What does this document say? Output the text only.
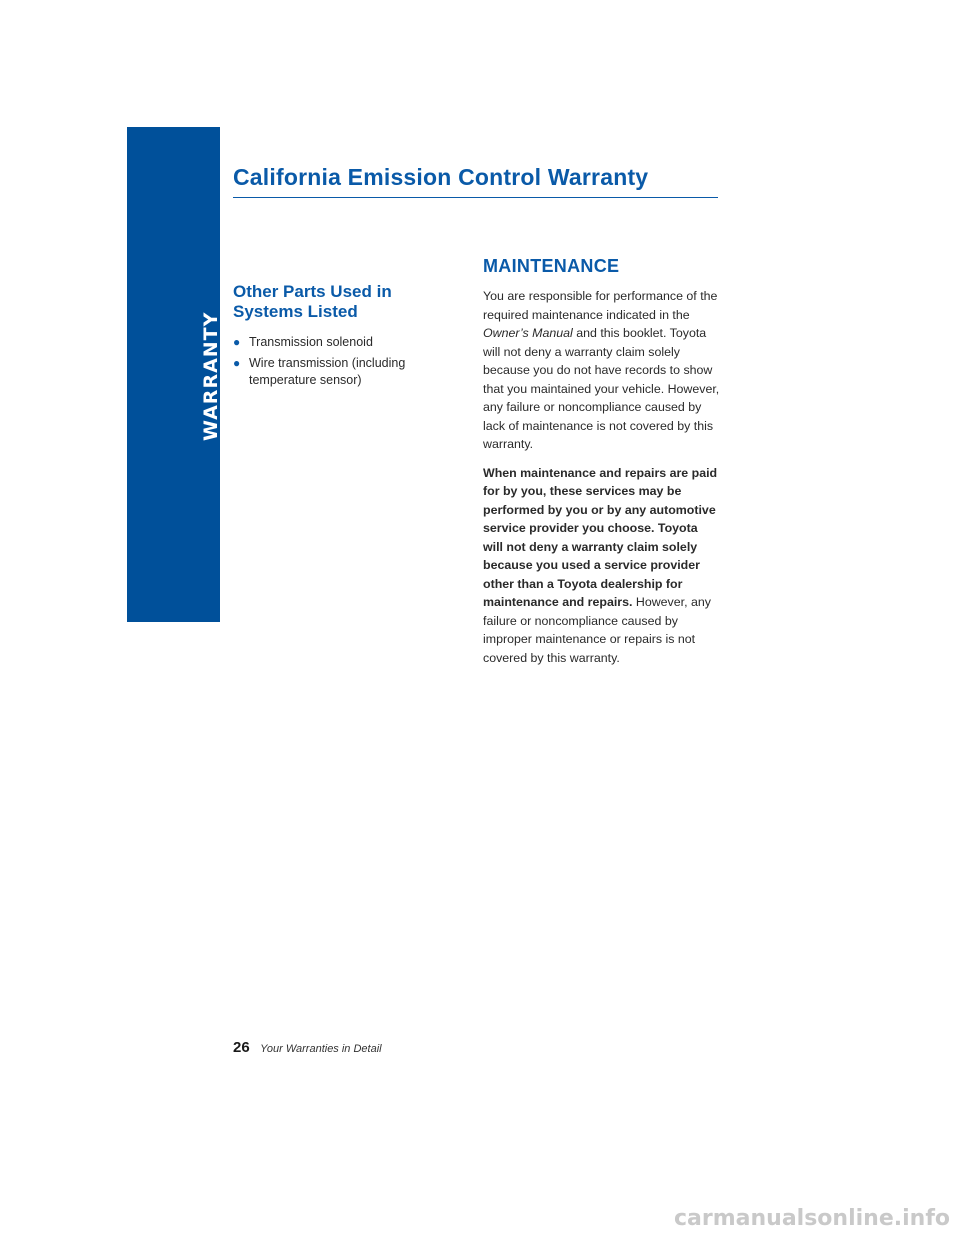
WARRANTY
California Emission Control Warranty
Other Parts Used in Systems Listed
● Transmission solenoid
● Wire transmission (including temperature sensor)
MAINTENANCE

You are responsible for performance of the required maintenance indicated in the Owner’s Manual and this booklet. Toyota will not deny a warranty claim solely because you do not have records to show that you maintained your vehicle. However, any failure or noncompliance caused by lack of maintenance is not covered by this warranty.

When maintenance and repairs are paid for by you, these services may be performed by you or by any automotive service provider you choose. Toyota will not deny a warranty claim solely because you used a service provider other than a Toyota dealership for maintenance and repairs. However, any failure or noncompliance caused by improper maintenance or repairs is not covered by this warranty.

26 Your Warranties in Detail
carmanualsonline.info
